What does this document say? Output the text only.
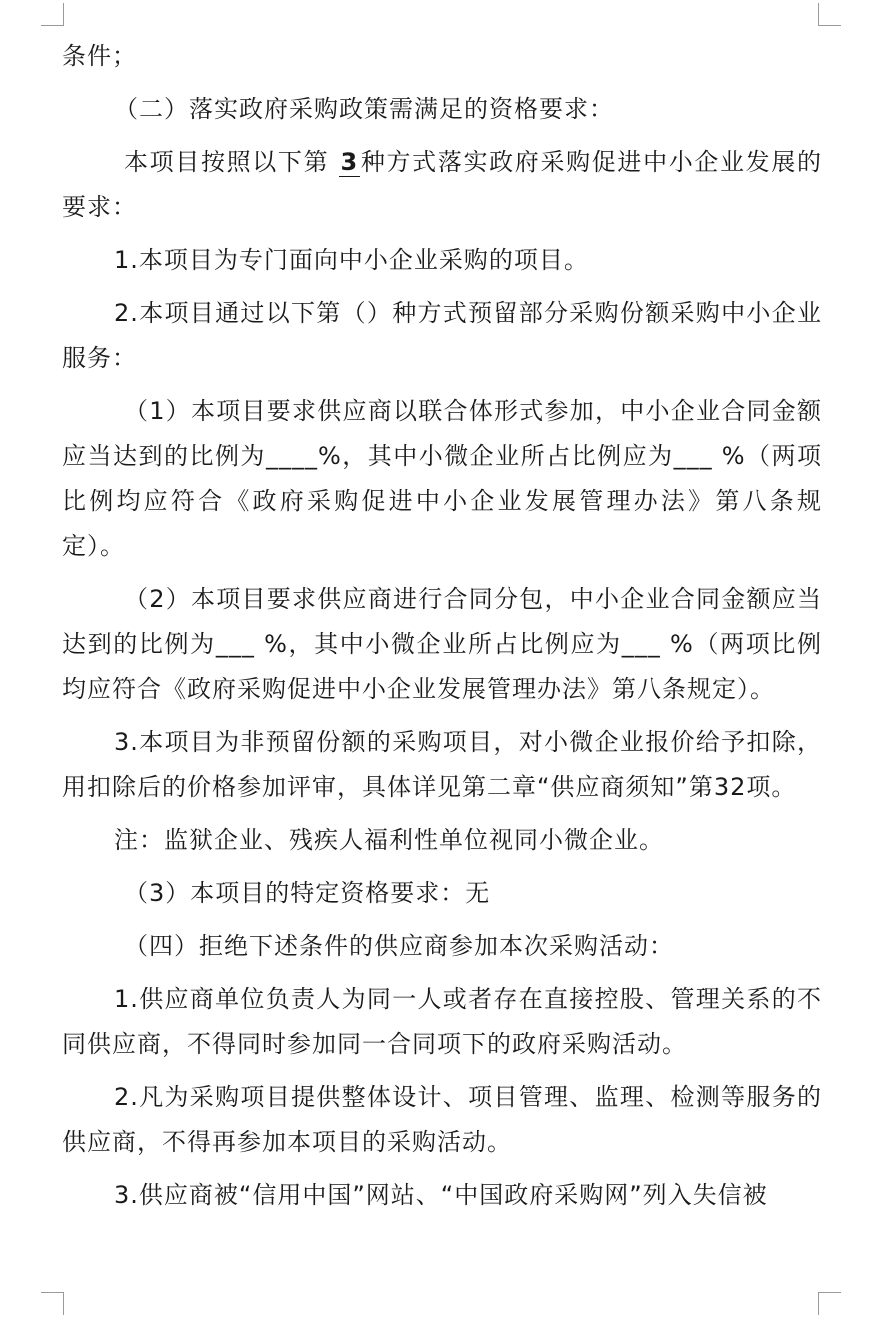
条件；

（二）落实政府采购政策需满足的资格要求：

本项目按照以下第 3种方式落实政府采购促进中小企业发展的要求：

1.本项目为专门面向中小企业采购的项目。

2.本项目通过以下第（）种方式预留部分采购份额采购中小企业服务：

（1）本项目要求供应商以联合体形式参加，中小企业合同金额应当达到的比例为____%，其中小微企业所占比例应为___ %（两项比例均应符合《政府采购促进中小企业发展管理办法》第八条规定）。

（2）本项目要求供应商进行合同分包，中小企业合同金额应当达到的比例为___ %，其中小微企业所占比例应为___ %（两项比例均应符合《政府采购促进中小企业发展管理办法》第八条规定）。

3.本项目为非预留份额的采购项目，对小微企业报价给予扣除，用扣除后的价格参加评审，具体详见第二章“供应商须知”第32项。

注：监狱企业、残疾人福利性单位视同小微企业。

（3）本项目的特定资格要求：无

（四）拒绝下述条件的供应商参加本次采购活动：

1.供应商单位负责人为同一人或者存在直接控股、管理关系的不同供应商，不得同时参加同一合同项下的政府采购活动。

2.凡为采购项目提供整体设计、项目管理、监理、检测等服务的供应商，不得再参加本项目的采购活动。

3.供应商被“信用中国”网站、“中国政府采购网”列入失信被
